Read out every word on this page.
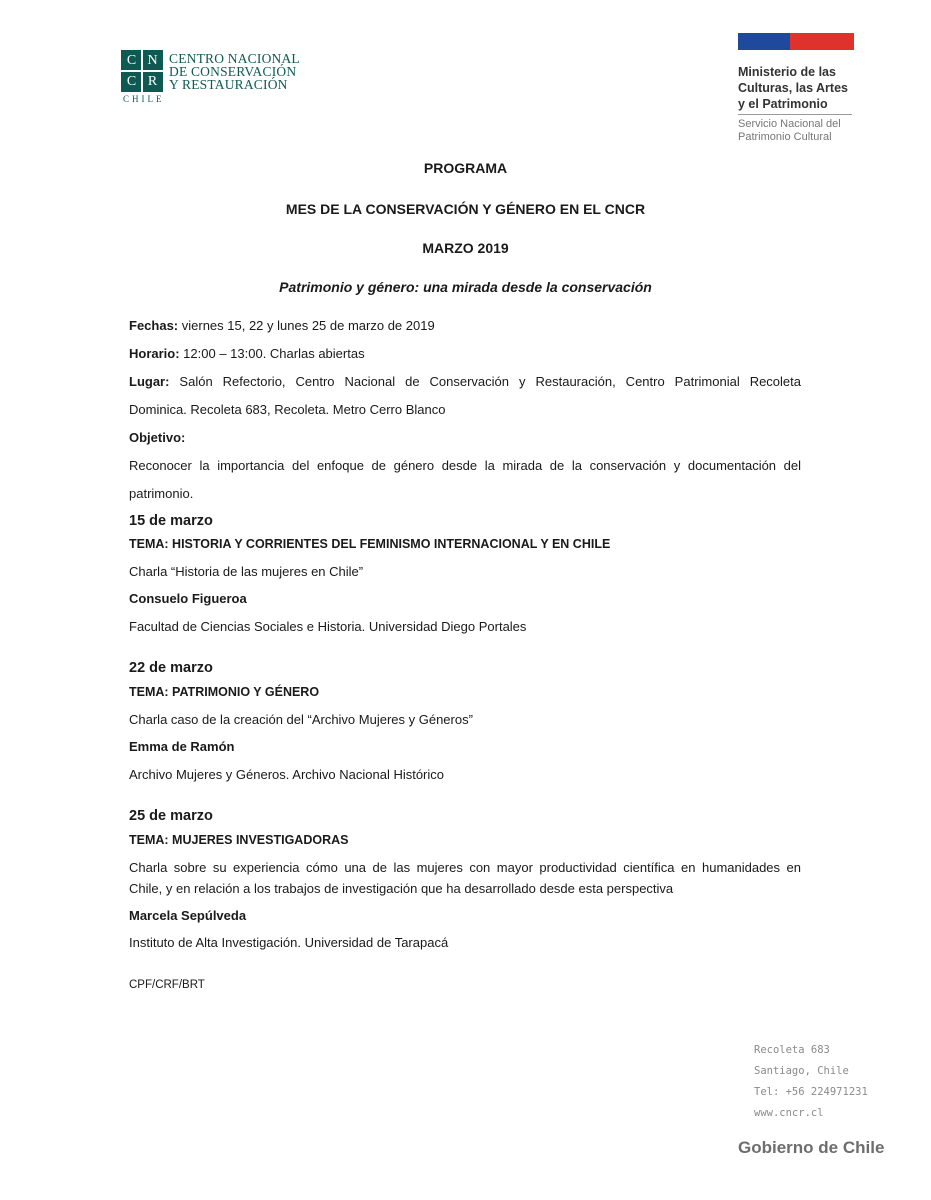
C N
C R
CHILE
CENTRO NACIONAL
DE CONSERVACIÓN
Y RESTAURACIÓN
Ministerio de las
Culturas, las Artes
y el Patrimonio
Servicio Nacional del
Patrimonio Cultural
PROGRAMA
MES DE LA CONSERVACIÓN Y GÉNERO EN EL CNCR
MARZO 2019
Patrimonio y género: una mirada desde la conservación
Fechas: viernes 15, 22 y lunes 25 de marzo de 2019
Horario: 12:00 – 13:00. Charlas abiertas
Lugar: Salón Refectorio, Centro Nacional de Conservación y Restauración, Centro Patrimonial Recoleta
Dominica. Recoleta 683, Recoleta. Metro Cerro Blanco
Objetivo:
Reconocer la importancia del enfoque de género desde la mirada de la conservación y documentación del
patrimonio.
15 de marzo
TEMA: HISTORIA Y CORRIENTES DEL FEMINISMO INTERNACIONAL Y EN CHILE
Charla “Historia de las mujeres en Chile”
Consuelo Figueroa
Facultad de Ciencias Sociales e Historia. Universidad Diego Portales
22 de marzo
TEMA: PATRIMONIO Y GÉNERO
Charla caso de la creación del “Archivo Mujeres y Géneros”
Emma de Ramón
Archivo Mujeres y Géneros. Archivo Nacional Histórico
25 de marzo
TEMA: MUJERES INVESTIGADORAS
Charla sobre su experiencia cómo una de las mujeres con mayor productividad científica en humanidades en
Chile, y en relación a los trabajos de investigación que ha desarrollado desde esta perspectiva
Marcela Sepúlveda
Instituto de Alta Investigación. Universidad de Tarapacá
CPF/CRF/BRT
Recoleta 683
Santiago, Chile
Tel: +56 224971231
www.cncr.cl
Gobierno de Chile
